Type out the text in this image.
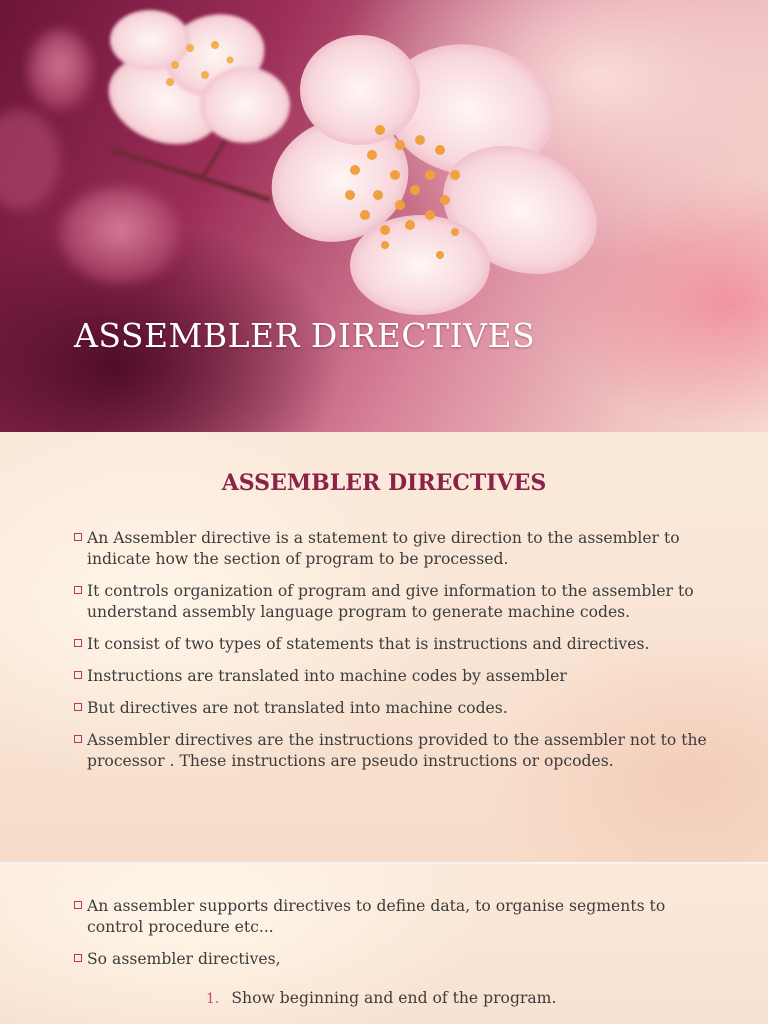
ASSEMBLER DIRECTIVES
ASSEMBLER DIRECTIVES
An Assembler directive is a statement to give direction to the assembler to indicate how the section of program to be processed.
It controls organization of program and give information to the assembler to understand assembly language program to generate machine codes.
It consist of two types of statements that is instructions and directives.
Instructions are translated into machine codes by assembler
But directives are not translated into machine codes.
Assembler directives are the instructions provided to the assembler not to the processor . These instructions are pseudo instructions or opcodes.
An assembler supports directives to define data, to organise segments to control procedure etc...
So assembler directives,
1. Show beginning and end of the program.
